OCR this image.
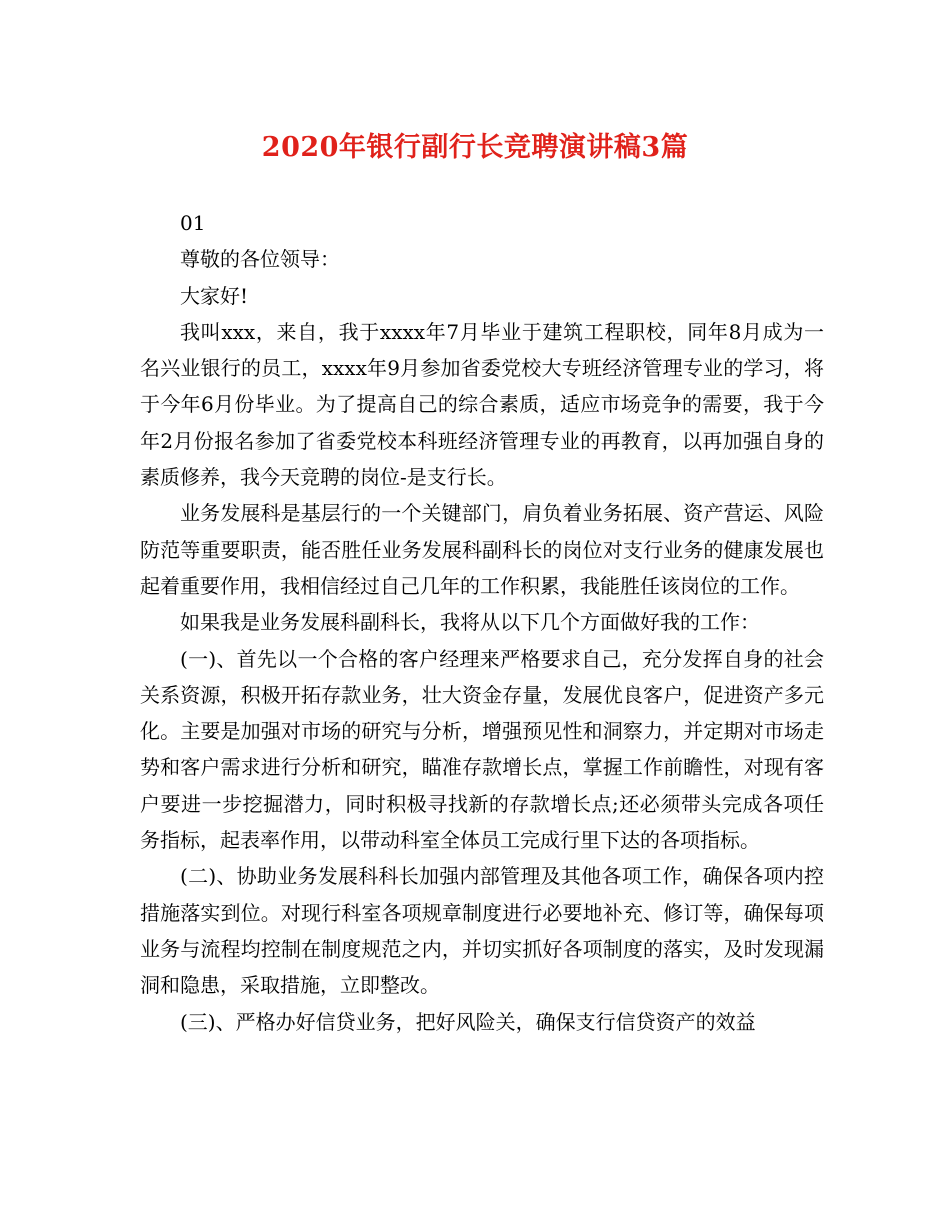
2020年银行副行长竞聘演讲稿3篇

01

尊敬的各位领导：

大家好!

我叫xxx，来自，我于xxxx年7月毕业于建筑工程职校，同年8月成为一名兴业银行的员工，xxxx年9月参加省委党校大专班经济管理专业的学习，将于今年6月份毕业。为了提高自己的综合素质，适应市场竞争的需要，我于今年2月份报名参加了省委党校本科班经济管理专业的再教育，以再加强自身的素质修养，我今天竞聘的岗位-是支行长。

业务发展科是基层行的一个关键部门，肩负着业务拓展、资产营运、风险防范等重要职责，能否胜任业务发展科副科长的岗位对支行业务的健康发展也起着重要作用，我相信经过自己几年的工作积累，我能胜任该岗位的工作。

如果我是业务发展科副科长，我将从以下几个方面做好我的工作：

(一)、首先以一个合格的客户经理来严格要求自己，充分发挥自身的社会关系资源，积极开拓存款业务，壮大资金存量，发展优良客户，促进资产多元化。主要是加强对市场的研究与分析，增强预见性和洞察力，并定期对市场走势和客户需求进行分析和研究，瞄准存款增长点，掌握工作前瞻性，对现有客户要进一步挖掘潜力，同时积极寻找新的存款增长点;还必须带头完成各项任务指标，起表率作用，以带动科室全体员工完成行里下达的各项指标。

(二)、协助业务发展科科长加强内部管理及其他各项工作，确保各项内控措施落实到位。对现行科室各项规章制度进行必要地补充、修订等，确保每项业务与流程均控制在制度规范之内，并切实抓好各项制度的落实，及时发现漏洞和隐患，采取措施，立即整改。

(三)、严格办好信贷业务，把好风险关，确保支行信贷资产的效益
